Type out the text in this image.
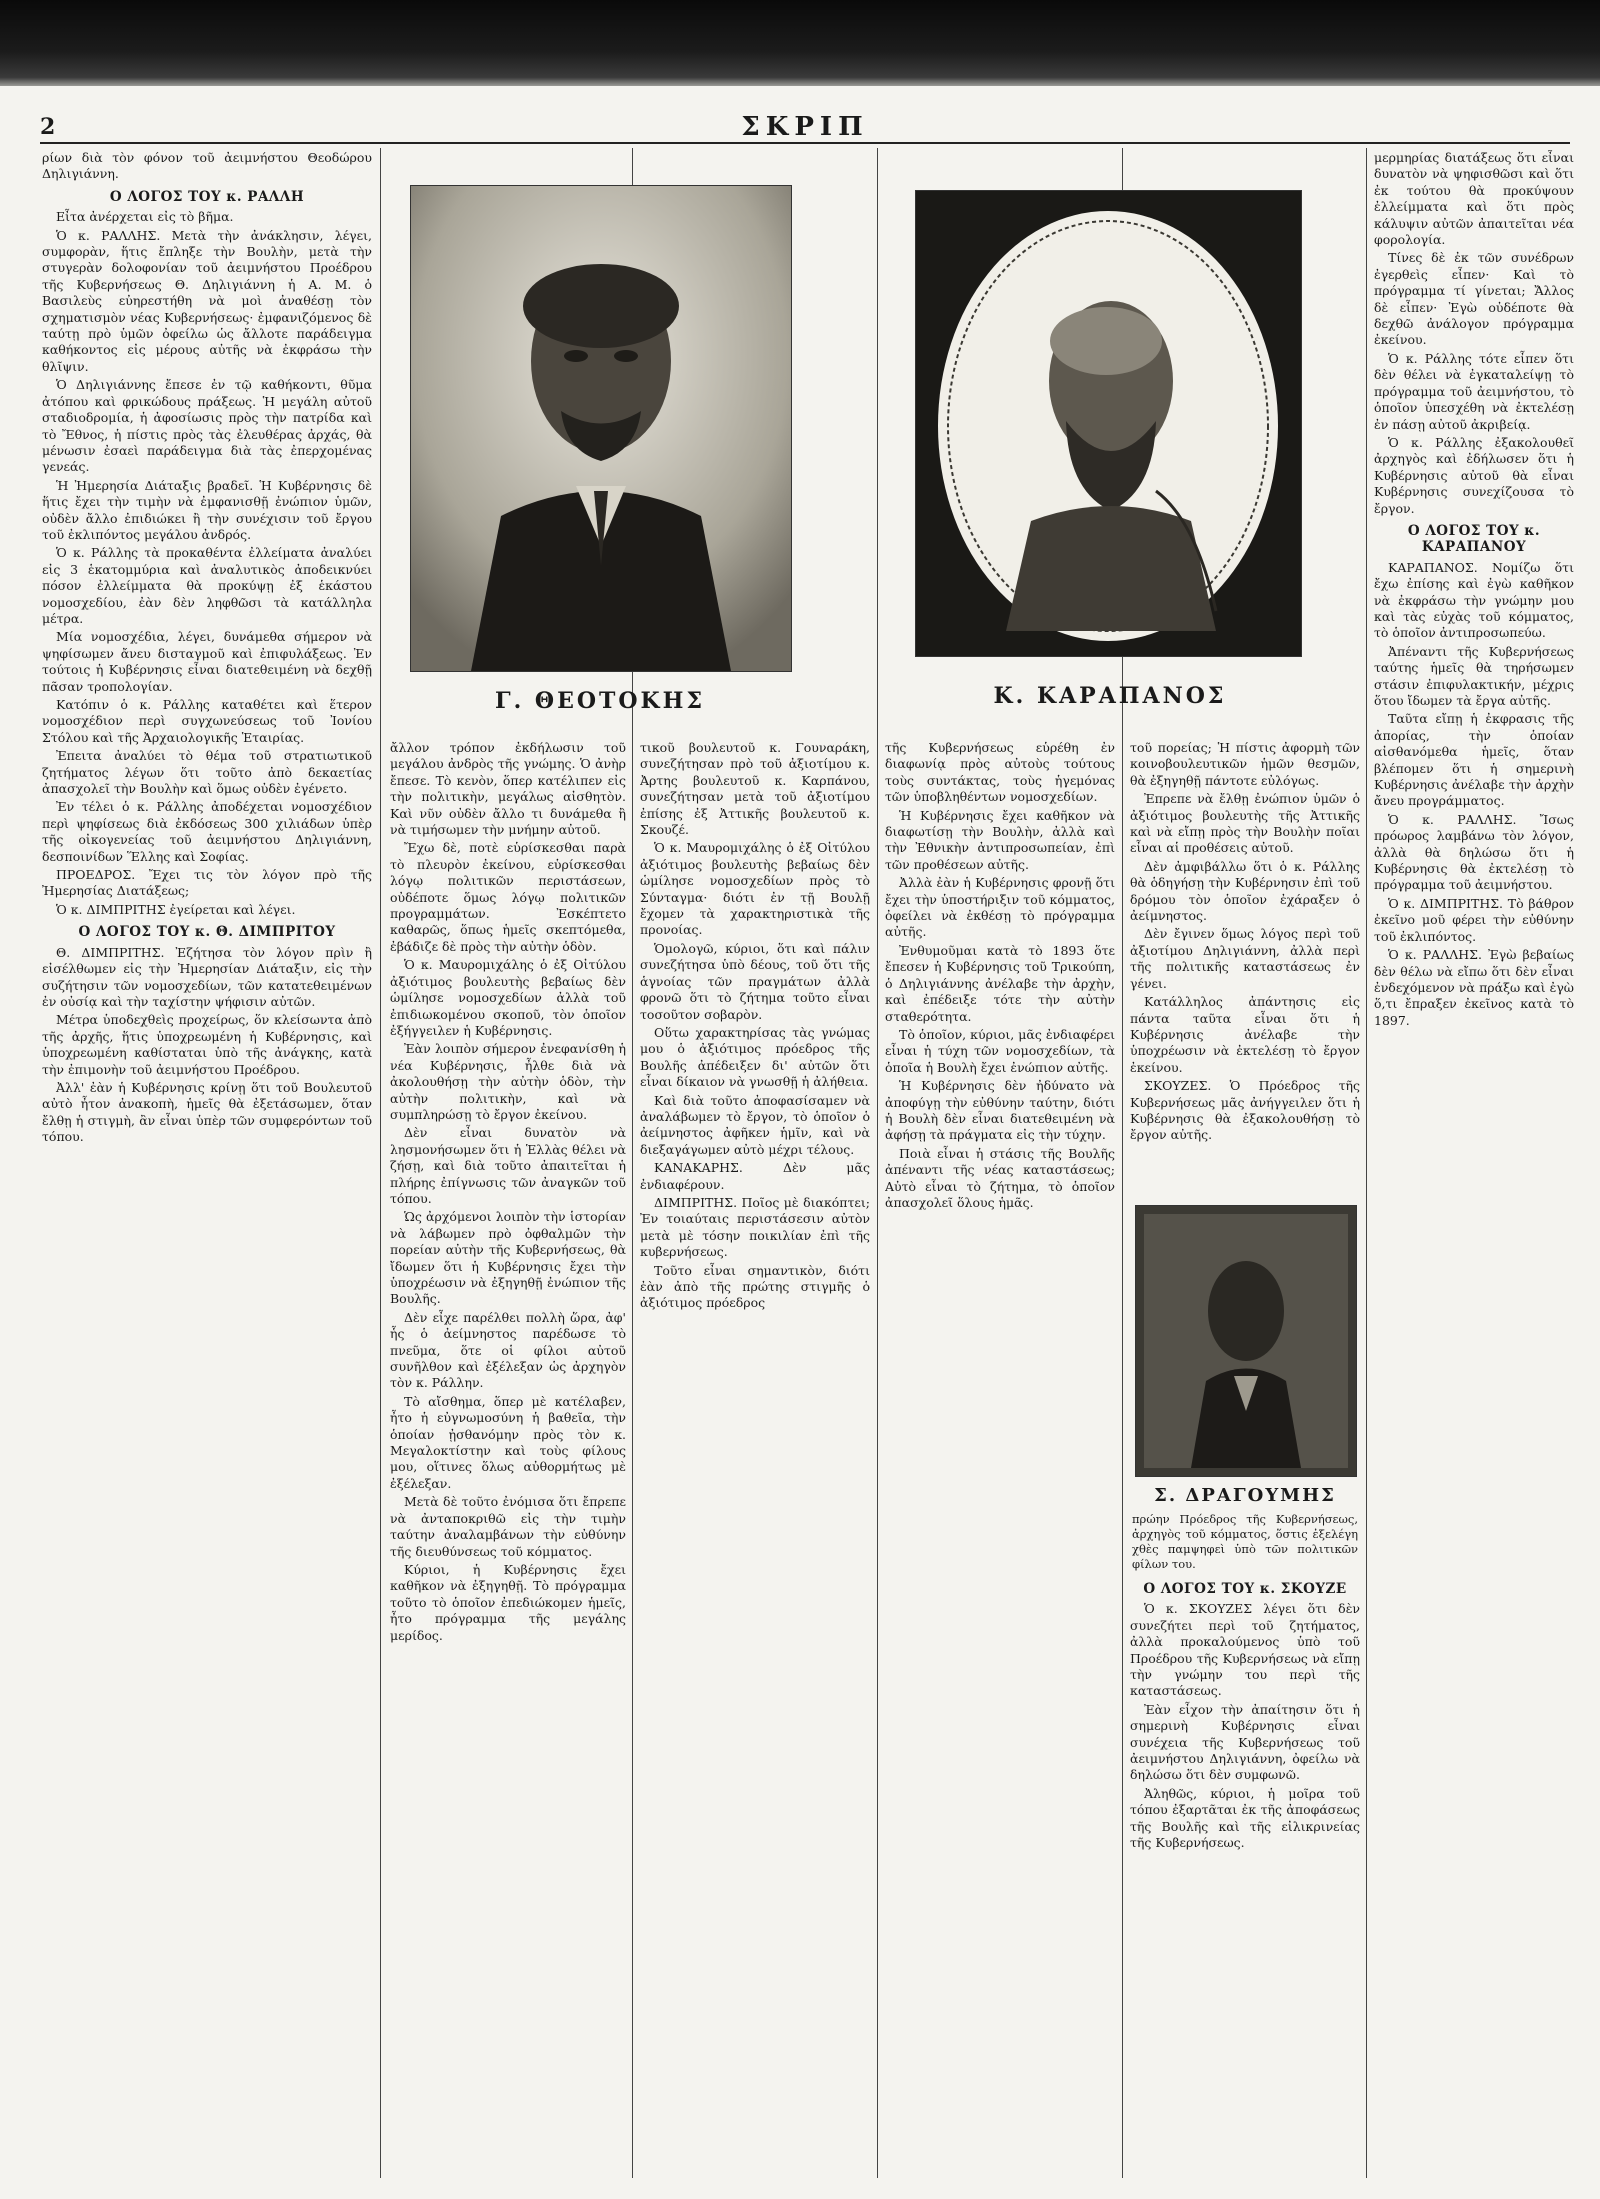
2	ΣΚΡΙΠ

ρίων διὰ τὸν φόνον τοῦ ἀειμνήστου Θεοδώρου Δηλιγιάννη.

Ο ΛΟΓΟΣ ΤΟΥ κ. ΡΑΛΛΗ

Εἶτα ἀνέρχεται εἰς τὸ βῆμα.

Ὁ κ. ΡΑΛΛΗΣ. Μετὰ τὴν ἀνάκλησιν, λέγει, συμφορὰν, ἥτις ἔπληξε τὴν Βουλὴν, μετὰ τὴν στυγερὰν δολοφονίαν τοῦ ἀειμνήστου Προέδρου τῆς Κυβερνήσεως Θ. Δηλιγιάννη ἡ Α. Μ. ὁ Βασιλεὺς εὐηρεστήθη νὰ μοὶ ἀναθέσῃ τὸν σχηματισμὸν νέας Κυβερνήσεως· ἐμφανιζόμενος δὲ ταύτῃ πρὸ ὑμῶν ὀφείλω ὡς ἄλλοτε παράδειγμα καθήκοντος εἰς μέρους αὐτῆς νὰ ἐκφράσω τὴν θλῖψιν.

Ὁ Δηλιγιάννης ἔπεσε ἐν τῷ καθήκοντι, θῦμα ἀτόπου καὶ φρικώδους πράξεως. Ἡ μεγάλη αὐτοῦ σταδιοδρομία, ἡ ἀφοσίωσις πρὸς τὴν πατρίδα καὶ τὸ Ἔθνος, ἡ πίστις πρὸς τὰς ἐλευθέρας ἀρχάς, θὰ μένωσιν ἐσαεὶ παράδειγμα διὰ τὰς ἐπερχομένας γενεάς.

Ἡ Ἠμερησία Διάταξις βραδεῖ. Ἡ Κυβέρνησις δὲ ἥτις ἔχει τὴν τιμὴν νὰ ἐμφανισθῇ ἐνώπιον ὑμῶν, οὐδὲν ἄλλο ἐπιδιώκει ἢ τὴν συνέχισιν τοῦ ἔργου τοῦ ἐκλιπόντος μεγάλου ἀνδρός.

Ὁ κ. Ράλλης τὰ προκαθέντα ἐλλείματα ἀναλύει εἰς 3 ἑκατομμύρια καὶ ἀναλυτικὸς ἀποδεικνύει πόσον ἐλλείμματα θὰ προκύψῃ ἐξ ἑκάστου νομοσχεδίου, ἐὰν δὲν ληφθῶσι τὰ κατάλληλα μέτρα.

Μία νομοσχέδια, λέγει, δυνάμεθα σήμερον νὰ ψηφίσωμεν ἄνευ δισταγμοῦ καὶ ἐπιφυλάξεως. Ἐν τούτοις ἡ Κυβέρνησις εἶναι διατεθειμένη νὰ δεχθῇ πᾶσαν τροπολογίαν.

Κατόπιν ὁ κ. Ράλλης καταθέτει καὶ ἕτερον νομοσχέδιον περὶ συγχωνεύσεως τοῦ Ἰονίου Στόλου καὶ τῆς Ἀρχαιολογικῆς Ἑταιρίας.

Ἐπειτα ἀναλύει τὸ θέμα τοῦ στρατιωτικοῦ ζητήματος λέγων ὅτι τοῦτο ἀπὸ δεκαετίας ἀπασχολεῖ τὴν Βουλὴν καὶ ὅμως οὐδὲν ἐγένετο.

Ἐν τέλει ὁ κ. Ράλλης ἀποδέχεται νομοσχέδιον περὶ ψηφίσεως διὰ ἐκδόσεως 300 χιλιάδων ὑπὲρ τῆς οἰκογενείας τοῦ ἀειμνήστου Δηλιγιάννη, δεσποινίδων Ἕλλης καὶ Σοφίας.

ΠΡΟΕΔΡΟΣ. Ἔχει τις τὸν λόγον πρὸ τῆς Ἠμερησίας Διατάξεως;

Ὁ κ. ΔΙΜΠΡΙΤΗΣ ἐγείρεται καὶ λέγει.

Ο ΛΟΓΟΣ ΤΟΥ κ. Θ. ΔΙΜΠΡΙΤΟΥ

Θ. ΔΙΜΠΡΙΤΗΣ. Ἐζήτησα τὸν λόγον πρὶν ἢ εἰσέλθωμεν εἰς τὴν Ἠμερησίαν Διάταξιν, εἰς τὴν συζήτησιν τῶν νομοσχεδίων, τῶν κατατεθειμένων ἐν οὐσίᾳ καὶ τὴν ταχίστην ψήφισιν αὐτῶν.

Μέτρα ὑποδεχθεὶς προχείρως, ὅν κλείσωντα ἀπὸ τῆς ἀρχῆς, ἥτις ὑποχρεωμένη ἡ Κυβέρνησις, καὶ ὑποχρεωμένη καθίσταται ὑπὸ τῆς ἀνάγκης, κατὰ τὴν ἐπιμονὴν τοῦ ἀειμνήστου Προέδρου.

Ἀλλ' ἐὰν ἡ Κυβέρνησις κρίνῃ ὅτι τοῦ Βουλευτοῦ αὐτὸ ἦτον ἀνακοπὴ, ἡμεῖς θὰ ἐξετάσωμεν, ὅταν ἔλθῃ ἡ στιγμὴ, ἂν εἶναι ὑπὲρ τῶν συμφερόντων τοῦ τόπου.

Γ. ΘΕΟΤΟΚΗΣ	Κ. ΚΑΡΑΠΑΝΟΣ

ἄλλον τρόπον ἐκδήλωσιν τοῦ μεγάλου ἀνδρὸς τῆς γνώμης. Ὁ ἀνὴρ ἔπεσε. Τὸ κενὸν, ὅπερ κατέλιπεν εἰς τὴν πολιτικὴν, μεγάλως αἰσθητὸν. Καὶ νῦν οὐδὲν ἄλλο τι δυνάμεθα ἢ νὰ τιμήσωμεν τὴν μνήμην αὐτοῦ.

Ἔχω δὲ, ποτὲ εὑρίσκεσθαι παρὰ τὸ πλευρὸν ἐκείνου, εὑρίσκεσθαι λόγῳ πολιτικῶν περιστάσεων, οὐδέποτε ὅμως λόγῳ πολιτικῶν προγραμμάτων. Ἐσκέπτετο καθαρῶς, ὅπως ἡμεῖς σκεπτόμεθα, ἐβάδιζε δὲ πρὸς τὴν αὐτὴν ὁδὸν.

Ὁ κ. Μαυρομιχάλης ὁ ἐξ Οἰτύλου ἀξιότιμος βουλευτὴς βεβαίως δὲν ὡμίλησε νομοσχεδίων ἀλλὰ τοῦ ἐπιδιωκομένου σκοποῦ, τὸν ὁποῖον ἐξήγγειλεν ἡ Κυβέρνησις.

Ἐὰν λοιπὸν σήμερον ἐνεφανίσθη ἡ νέα Κυβέρνησις, ἦλθε διὰ νὰ ἀκολουθήσῃ τὴν αὐτὴν ὁδὸν, τὴν αὐτὴν πολιτικὴν, καὶ νὰ συμπληρώσῃ τὸ ἔργον ἐκείνου.

Δὲν εἶναι δυνατὸν νὰ λησμονήσωμεν ὅτι ἡ Ἑλλὰς θέλει νὰ ζήσῃ, καὶ διὰ τοῦτο ἀπαιτεῖται ἡ πλήρης ἐπίγνωσις τῶν ἀναγκῶν τοῦ τόπου.

Ὡς ἀρχόμενοι λοιπὸν τὴν ἱστορίαν νὰ λάβωμεν πρὸ ὀφθαλμῶν τὴν πορείαν αὐτὴν τῆς Κυβερνήσεως, θὰ ἴδωμεν ὅτι ἡ Κυβέρνησις ἔχει τὴν ὑποχρέωσιν νὰ ἐξηγηθῇ ἐνώπιον τῆς Βουλῆς.

Δὲν εἶχε παρέλθει πολλὴ ὥρα, ἀφ' ἧς ὁ ἀείμνηστος παρέδωσε τὸ πνεῦμα, ὅτε οἱ φίλοι αὐτοῦ συνῆλθον καὶ ἐξέλεξαν ὡς ἀρχηγὸν τὸν κ. Ράλλην.

Τὸ αἴσθημα, ὅπερ μὲ κατέλαβεν, ἦτο ἡ εὐγνωμοσύνη ἡ βαθεῖα, τὴν ὁποίαν ᾐσθανόμην πρὸς τὸν κ. Μεγαλοκτίστην καὶ τοὺς φίλους μου, οἵτινες ὅλως αὐθορμήτως μὲ ἐξέλεξαν.

Μετὰ δὲ τοῦτο ἐνόμισα ὅτι ἔπρεπε νὰ ἀνταποκριθῶ εἰς τὴν τιμὴν ταύτην ἀναλαμβάνων τὴν εὐθύνην τῆς διευθύνσεως τοῦ κόμματος.

Κύριοι, ἡ Κυβέρνησις ἔχει καθῆκον νὰ ἐξηγηθῇ. Τὸ πρόγραμμα τοῦτο τὸ ὁποῖον ἐπεδιώκομεν ἡμεῖς, ἦτο πρόγραμμα τῆς μεγάλης μερίδος.

τικοῦ βουλευτοῦ κ. Γουναράκη, συνεζήτησαν πρὸ τοῦ ἀξιοτίμου κ. Ἀρτης βουλευτοῦ κ. Καρπάνου, συνεζήτησαν μετὰ τοῦ ἀξιοτίμου ἐπίσης ἐξ Ἀττικῆς βουλευτοῦ κ. Σκουζέ.

Ὁ κ. Μαυρομιχάλης ὁ ἐξ Οἰτύλου ἀξιότιμος βουλευτὴς βεβαίως δὲν ὡμίλησε νομοσχεδίων πρὸς τὸ Σύνταγμα· διότι ἐν τῇ Βουλῇ ἔχομεν τὰ χαρακτηριστικὰ τῆς προνοίας.

Ὁμολογῶ, κύριοι, ὅτι καὶ πάλιν συνεζήτησα ὑπὸ δέους, τοῦ ὅτι τῆς ἁγνοίας τῶν πραγμάτων ἀλλὰ φρονῶ ὅτι τὸ ζήτημα τοῦτο εἶναι τοσοῦτον σοβαρὸν.

Οὕτω χαρακτηρίσας τὰς γνώμας μου ὁ ἀξιότιμος πρόεδρος τῆς Βουλῆς ἀπέδειξεν δι' αὐτῶν ὅτι εἶναι δίκαιον νὰ γνωσθῇ ἡ ἀλήθεια.

Καὶ διὰ τοῦτο ἀποφασίσαμεν νὰ ἀναλάβωμεν τὸ ἔργον, τὸ ὁποῖον ὁ ἀείμνηστος ἀφῆκεν ἡμῖν, καὶ νὰ διεξαγάγωμεν αὐτὸ μέχρι τέλους.

ΚΑΝΑΚΑΡΗΣ. Δὲν μᾶς ἐνδιαφέρουν.

ΔΙΜΠΡΙΤΗΣ. Ποῖος μὲ διακόπτει; Ἐν τοιαύταις περιστάσεσιν αὐτὸν μετὰ μὲ τόσην ποικιλίαν ἐπὶ τῆς κυβερνήσεως.

Τοῦτο εἶναι σημαντικὸν, διότι ἐὰν ἀπὸ τῆς πρώτης στιγμῆς ὁ ἀξιότιμος πρόεδρος

τῆς Κυβερνήσεως εὑρέθη ἐν διαφωνίᾳ πρὸς αὐτοὺς τούτους τοὺς συντάκτας, τοὺς ἡγεμόνας τῶν ὑποβληθέντων νομοσχεδίων.

Ἡ Κυβέρνησις ἔχει καθῆκον νὰ διαφωτίσῃ τὴν Βουλὴν, ἀλλὰ καὶ τὴν Ἐθνικὴν ἀντιπροσωπείαν, ἐπὶ τῶν προθέσεων αὐτῆς.

Ἀλλὰ ἐὰν ἡ Κυβέρνησις φρονῇ ὅτι ἔχει τὴν ὑποστήριξιν τοῦ κόμματος, ὀφείλει νὰ ἐκθέσῃ τὸ πρόγραμμα αὐτῆς.

Ἐνθυμοῦμαι κατὰ τὸ 1893 ὅτε ἔπεσεν ἡ Κυβέρνησις τοῦ Τρικούπη, ὁ Δηλιγιάννης ἀνέλαβε τὴν ἀρχὴν, καὶ ἐπέδειξε τότε τὴν αὐτὴν σταθερότητα.

Τὸ ὁποῖον, κύριοι, μᾶς ἐνδιαφέρει εἶναι ἡ τύχη τῶν νομοσχεδίων, τὰ ὁποῖα ἡ Βουλὴ ἔχει ἐνώπιον αὐτῆς.

Ἡ Κυβέρνησις δὲν ἠδύνατο νὰ ἀποφύγῃ τὴν εὐθύνην ταύτην, διότι ἡ Βουλὴ δὲν εἶναι διατεθειμένη νὰ ἀφήσῃ τὰ πράγματα εἰς τὴν τύχην.

Ποιὰ εἶναι ἡ στάσις τῆς Βουλῆς ἀπέναντι τῆς νέας καταστάσεως; Αὐτὸ εἶναι τὸ ζήτημα, τὸ ὁποῖον ἀπασχολεῖ ὅλους ἡμᾶς.

τοῦ πορείας; Ἡ πίστις ἀφορμὴ τῶν κοινοβουλευτικῶν ἡμῶν θεσμῶν, θὰ ἐξηγηθῇ πάντοτε εὐλόγως.

Ἐπρεπε νὰ ἔλθῃ ἐνώπιον ὑμῶν ὁ ἀξιότιμος βουλευτὴς τῆς Ἀττικῆς καὶ νὰ εἴπῃ πρὸς τὴν Βουλὴν ποῖαι εἶναι αἱ προθέσεις αὐτοῦ.

Δὲν ἀμφιβάλλω ὅτι ὁ κ. Ράλλης θὰ ὁδηγήσῃ τὴν Κυβέρνησιν ἐπὶ τοῦ δρόμου τὸν ὁποῖον ἐχάραξεν ὁ ἀείμνηστος.

Δὲν ἔγινεν ὅμως λόγος περὶ τοῦ ἀξιοτίμου Δηλιγιάννη, ἀλλὰ περὶ τῆς πολιτικῆς καταστάσεως ἐν γένει.

Κατάλληλος ἀπάντησις εἰς πάντα ταῦτα εἶναι ὅτι ἡ Κυβέρνησις ἀνέλαβε τὴν ὑποχρέωσιν νὰ ἐκτελέσῃ τὸ ἔργον ἐκείνου.

ΣΚΟΥΖΕΣ. Ὁ Πρόεδρος τῆς Κυβερνήσεως μᾶς ἀνήγγειλεν ὅτι ἡ Κυβέρνησις θὰ ἐξακολουθήσῃ τὸ ἔργον αὐτῆς.

Σ. ΔΡΑΓΟΥΜΗΣ
πρώην Πρόεδρος τῆς Κυβερνήσεως, ἀρχηγὸς τοῦ κόμματος, ὅστις ἐξελέγη χθὲς παμψηφεὶ ὑπὸ τῶν πολιτικῶν φίλων του.

Ο ΛΟΓΟΣ ΤΟΥ κ. ΣΚΟΥΖΕ

Ὁ κ. ΣΚΟΥΖΕΣ λέγει ὅτι δὲν συνεζήτει περὶ τοῦ ζητήματος, ἀλλὰ προκαλούμενος ὑπὸ τοῦ Προέδρου τῆς Κυβερνήσεως νὰ εἴπῃ τὴν γνώμην του περὶ τῆς καταστάσεως.

Ἐὰν εἶχον τὴν ἀπαίτησιν ὅτι ἡ σημερινὴ Κυβέρνησις εἶναι συνέχεια τῆς Κυβερνήσεως τοῦ ἀειμνήστου Δηλιγιάννη, ὀφείλω νὰ δηλώσω ὅτι δὲν συμφωνῶ.

Ἀληθῶς, κύριοι, ἡ μοῖρα τοῦ τόπου ἐξαρτᾶται ἐκ τῆς ἀποφάσεως τῆς Βουλῆς καὶ τῆς εἰλικρινείας τῆς Κυβερνήσεως.

μερμηρίας διατάξεως ὅτι εἶναι δυνατὸν νὰ ψηφισθῶσι καὶ ὅτι ἐκ τούτου θὰ προκύψουν ἐλλείμματα καὶ ὅτι πρὸς κάλυψιν αὐτῶν ἀπαιτεῖται νέα φορολογία.

Τίνες δὲ ἐκ τῶν συνέδρων ἐγερθεὶς εἶπεν· Καὶ τὸ πρόγραμμα τί γίνεται; Ἄλλος δὲ εἶπεν· Ἐγὼ οὐδέποτε θὰ δεχθῶ ἀνάλογον πρόγραμμα ἐκείνου.

Ὁ κ. Ράλλης τότε εἶπεν ὅτι δὲν θέλει νὰ ἐγκαταλείψῃ τὸ πρόγραμμα τοῦ ἀειμνήστου, τὸ ὁποῖον ὑπεσχέθη νὰ ἐκτελέσῃ ἐν πάσῃ αὐτοῦ ἀκριβείᾳ.

Ὁ κ. Ράλλης ἐξακολουθεῖ ἀρχηγὸς καὶ ἐδήλωσεν ὅτι ἡ Κυβέρνησις αὐτοῦ θὰ εἶναι Κυβέρνησις συνεχίζουσα τὸ ἔργον.

Ο ΛΟΓΟΣ ΤΟΥ κ. ΚΑΡΑΠΑΝΟΥ

ΚΑΡΑΠΑΝΟΣ. Νομίζω ὅτι ἔχω ἐπίσης καὶ ἐγὼ καθῆκον νὰ ἐκφράσω τὴν γνώμην μου καὶ τὰς εὐχὰς τοῦ κόμματος, τὸ ὁποῖον ἀντιπροσωπεύω.

Ἀπέναντι τῆς Κυβερνήσεως ταύτης ἡμεῖς θὰ τηρήσωμεν στάσιν ἐπιφυλακτικήν, μέχρις ὅτου ἴδωμεν τὰ ἔργα αὐτῆς.

Ταῦτα εἴπῃ ἡ ἐκφρασις τῆς ἀπορίας, τὴν ὁποίαν αἰσθανόμεθα ἡμεῖς, ὅταν βλέπομεν ὅτι ἡ σημερινὴ Κυβέρνησις ἀνέλαβε τὴν ἀρχὴν ἄνευ προγράμματος.

Ὁ κ. ΡΑΛΛΗΣ. Ἴσως πρόωρος λαμβάνω τὸν λόγον, ἀλλὰ θὰ δηλώσω ὅτι ἡ Κυβέρνησις θὰ ἐκτελέσῃ τὸ πρόγραμμα τοῦ ἀειμνήστου.

Ὁ κ. ΔΙΜΠΡΙΤΗΣ. Τὸ βάθρον ἐκεῖνο μοῦ φέρει τὴν εὐθύνην τοῦ ἐκλιπόντος.

Ὁ κ. ΡΑΛΛΗΣ. Ἐγὼ βεβαίως δὲν θέλω νὰ εἴπω ὅτι δὲν εἶναι ἐνδεχόμενον νὰ πράξω καὶ ἐγὼ ὅ,τι ἔπραξεν ἐκεῖνος κατὰ τὸ 1897.
